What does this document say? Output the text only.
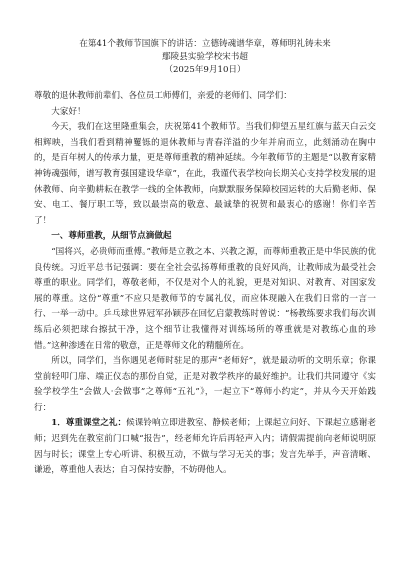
在第41个教师节国旗下的讲话：立德铸魂谱华章，尊师明礼铸未来
鄢陵县实验学校宋书超
（2025年9月10日）

尊敬的退休教师前辈们、各位员工师傅们，亲爱的老师们、同学们：

大家好！

今天，我们在这里隆重集会，庆祝第41个教师节。当我们仰望五星红旗与蓝天白云交相辉映，当我们看到精神矍铄的退休教师与青春洋溢的少年并肩而立，此刻涌动在胸中的，是百年树人的传承力量，更是尊师重教的精神延续。今年教师节的主题是“以教育家精神铸魂强师，谱写教育强国建设华章”，在此，我谨代表学校向长期关心支持学校发展的退休教师、向辛勤耕耘在教学一线的全体教师，向默默服务保障校园运转的大后勤老师、保安、电工、餐厅职工等，致以最崇高的敬意、最诚挚的祝贺和最衷心的感谢！你们辛苦了！

一、尊师重教，从细节点滴做起

“国将兴，必贵师而重傅。”教师是立教之本、兴教之源，而尊师重教正是中华民族的优良传统。习近平总书记强调：要在全社会弘扬尊师重教的良好风尚，让教师成为最受社会尊重的职业。同学们，尊敬老师，不仅是对个人的礼貌，更是对知识、对教育、对国家发展的尊重。这份“尊重”不应只是教师节的专属礼仪，而应体现融入在我们日常的一言一行、一举一动中。乒乓球世界冠军孙颖莎在回忆启蒙教练时曾说：“杨教练要求我们每次训练后必须把球台擦拭干净，这个细节让我懂得对训练场所的尊重就是对教练心血的珍惜。”这种渗透在日常的敬意，正是尊师文化的精髓所在。

所以，同学们，当你遇见老师时驻足的那声“老师好”，就是最动听的文明乐章；你课堂前轻叩门扉、端正仪态的那份自觉，正是对教学秩序的最好维护。让我们共同遵守《实验学校学生“会做人·会做事”之尊师“五礼”》，一起立下“尊师小约定”，并从今天开始践行：

1．尊重课堂之礼：候课铃响立即进教室、静候老师；上课起立问好、下课起立感谢老师；迟到先在教室前门口喊“报告”，经老师允许后再轻声入内；请假需提前向老师说明原因与时长；课堂上专心听讲、积极互动，不做与学习无关的事；发言先举手，声音清晰、谦逊，尊重他人表达；自习保持安静，不妨碍他人。
